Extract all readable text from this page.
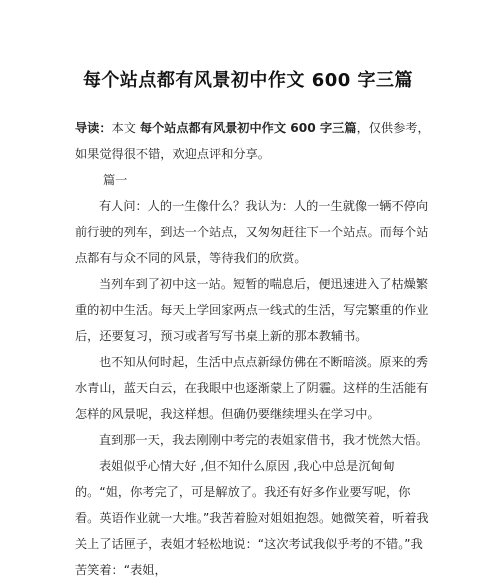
每个站点都有风景初中作文 600 字三篇

导读：本文 每个站点都有风景初中作文 600 字三篇，仅供参考，如果觉得很不错，欢迎点评和分享。

篇一

有人问：人的一生像什么？我认为：人的一生就像一辆不停向前行驶的列车，到达一个站点，又匆匆赶往下一个站点。而每个站点都有与众不同的风景，等待我们的欣赏。

当列车到了初中这一站。短暂的喘息后，便迅速进入了枯燥繁重的初中生活。每天上学回家两点一线式的生活，写完繁重的作业后，还要复习，预习或者写写书桌上新的那本教辅书。

也不知从何时起，生活中点点新绿仿佛在不断暗淡。原来的秀水青山，蓝天白云，在我眼中也逐渐蒙上了阴霾。这样的生活能有怎样的风景呢，我这样想。但确仍要继续埋头在学习中。

直到那一天，我去刚刚中考完的表姐家借书，我才恍然大悟。

表姐似乎心情大好 ,但不知什么原因 ,我心中总是沉甸甸的。“姐，你考完了，可是解放了。我还有好多作业要写呢，你看。英语作业就一大堆。”我苦着脸对姐姐抱怨。她微笑着，听着我关上了话匣子，表姐才轻松地说：“这次考试我似乎考的不错。”我苦笑着：“表姐，
